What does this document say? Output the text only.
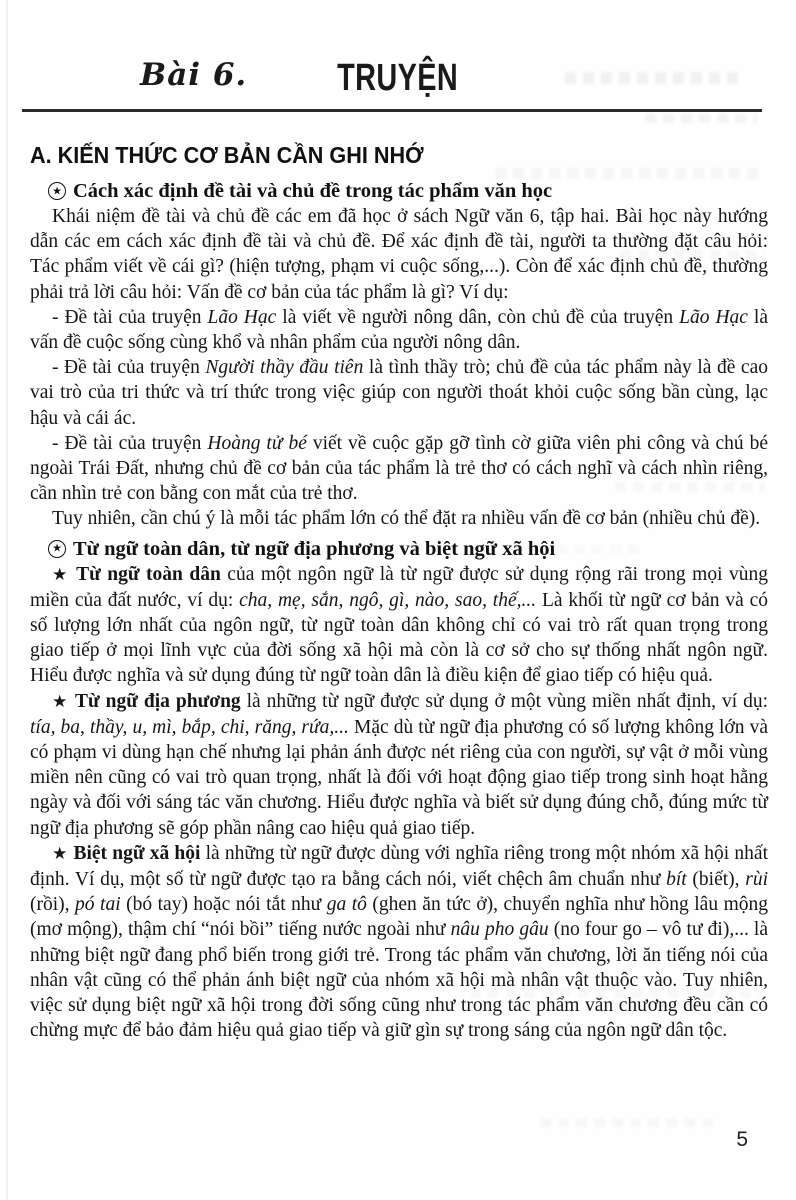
Bài 6.	TRUYỆN
A. KIẾN THỨC CƠ BẢN CẦN GHI NHỚ
★ Cách xác định đề tài và chủ đề trong tác phẩm văn học

Khái niệm đề tài và chủ đề các em đã học ở sách Ngữ văn 6, tập hai. Bài học này hướng dẫn các em cách xác định đề tài và chủ đề. Để xác định đề tài, người ta thường đặt câu hỏi: Tác phẩm viết về cái gì? (hiện tượng, phạm vi cuộc sống,...). Còn để xác định chủ đề, thường phải trả lời câu hỏi: Vấn đề cơ bản của tác phẩm là gì? Ví dụ:

- Đề tài của truyện Lão Hạc là viết về người nông dân, còn chủ đề của truyện Lão Hạc là vấn đề cuộc sống cùng khổ và nhân phẩm của người nông dân.

- Đề tài của truyện Người thầy đầu tiên là tình thầy trò; chủ đề của tác phẩm này là đề cao vai trò của tri thức và trí thức trong việc giúp con người thoát khỏi cuộc sống bần cùng, lạc hậu và cái ác.

- Đề tài của truyện Hoàng tử bé viết về cuộc gặp gỡ tình cờ giữa viên phi công và chú bé ngoài Trái Đất, nhưng chủ đề cơ bản của tác phẩm là trẻ thơ có cách nghĩ và cách nhìn riêng, cần nhìn trẻ con bằng con mắt của trẻ thơ.

Tuy nhiên, cần chú ý là mỗi tác phẩm lớn có thể đặt ra nhiều vấn đề cơ bản (nhiều chủ đề).

★ Từ ngữ toàn dân, từ ngữ địa phương và biệt ngữ xã hội

★ Từ ngữ toàn dân của một ngôn ngữ là từ ngữ được sử dụng rộng rãi trong mọi vùng miền của đất nước, ví dụ: cha, mẹ, sắn, ngô, gì, nào, sao, thế,... Là khối từ ngữ cơ bản và có số lượng lớn nhất của ngôn ngữ, từ ngữ toàn dân không chỉ có vai trò rất quan trọng trong giao tiếp ở mọi lĩnh vực của đời sống xã hội mà còn là cơ sở cho sự thống nhất ngôn ngữ. Hiểu được nghĩa và sử dụng đúng từ ngữ toàn dân là điều kiện để giao tiếp có hiệu quả.

★ Từ ngữ địa phương là những từ ngữ được sử dụng ở một vùng miền nhất định, ví dụ: tía, ba, thầy, u, mì, bắp, chi, răng, rứa,... Mặc dù từ ngữ địa phương có số lượng không lớn và có phạm vi dùng hạn chế nhưng lại phản ánh được nét riêng của con người, sự vật ở mỗi vùng miền nên cũng có vai trò quan trọng, nhất là đối với hoạt động giao tiếp trong sinh hoạt hằng ngày và đối với sáng tác văn chương. Hiểu được nghĩa và biết sử dụng đúng chỗ, đúng mức từ ngữ địa phương sẽ góp phần nâng cao hiệu quả giao tiếp.

★ Biệt ngữ xã hội là những từ ngữ được dùng với nghĩa riêng trong một nhóm xã hội nhất định. Ví dụ, một số từ ngữ được tạo ra bằng cách nói, viết chệch âm chuẩn như bít (biết), rùi (rồi), pó tai (bó tay) hoặc nói tắt như ga tô (ghen ăn tức ở), chuyển nghĩa như hồng lâu mộng (mơ mộng), thậm chí “nói bồi” tiếng nước ngoài như nâu pho gâu (no four go – vô tư đi),... là những biệt ngữ đang phổ biến trong giới trẻ. Trong tác phẩm văn chương, lời ăn tiếng nói của nhân vật cũng có thể phản ánh biệt ngữ của nhóm xã hội mà nhân vật thuộc vào. Tuy nhiên, việc sử dụng biệt ngữ xã hội trong đời sống cũng như trong tác phẩm văn chương đều cần có chừng mực để bảo đảm hiệu quả giao tiếp và giữ gìn sự trong sáng của ngôn ngữ dân tộc.

5
